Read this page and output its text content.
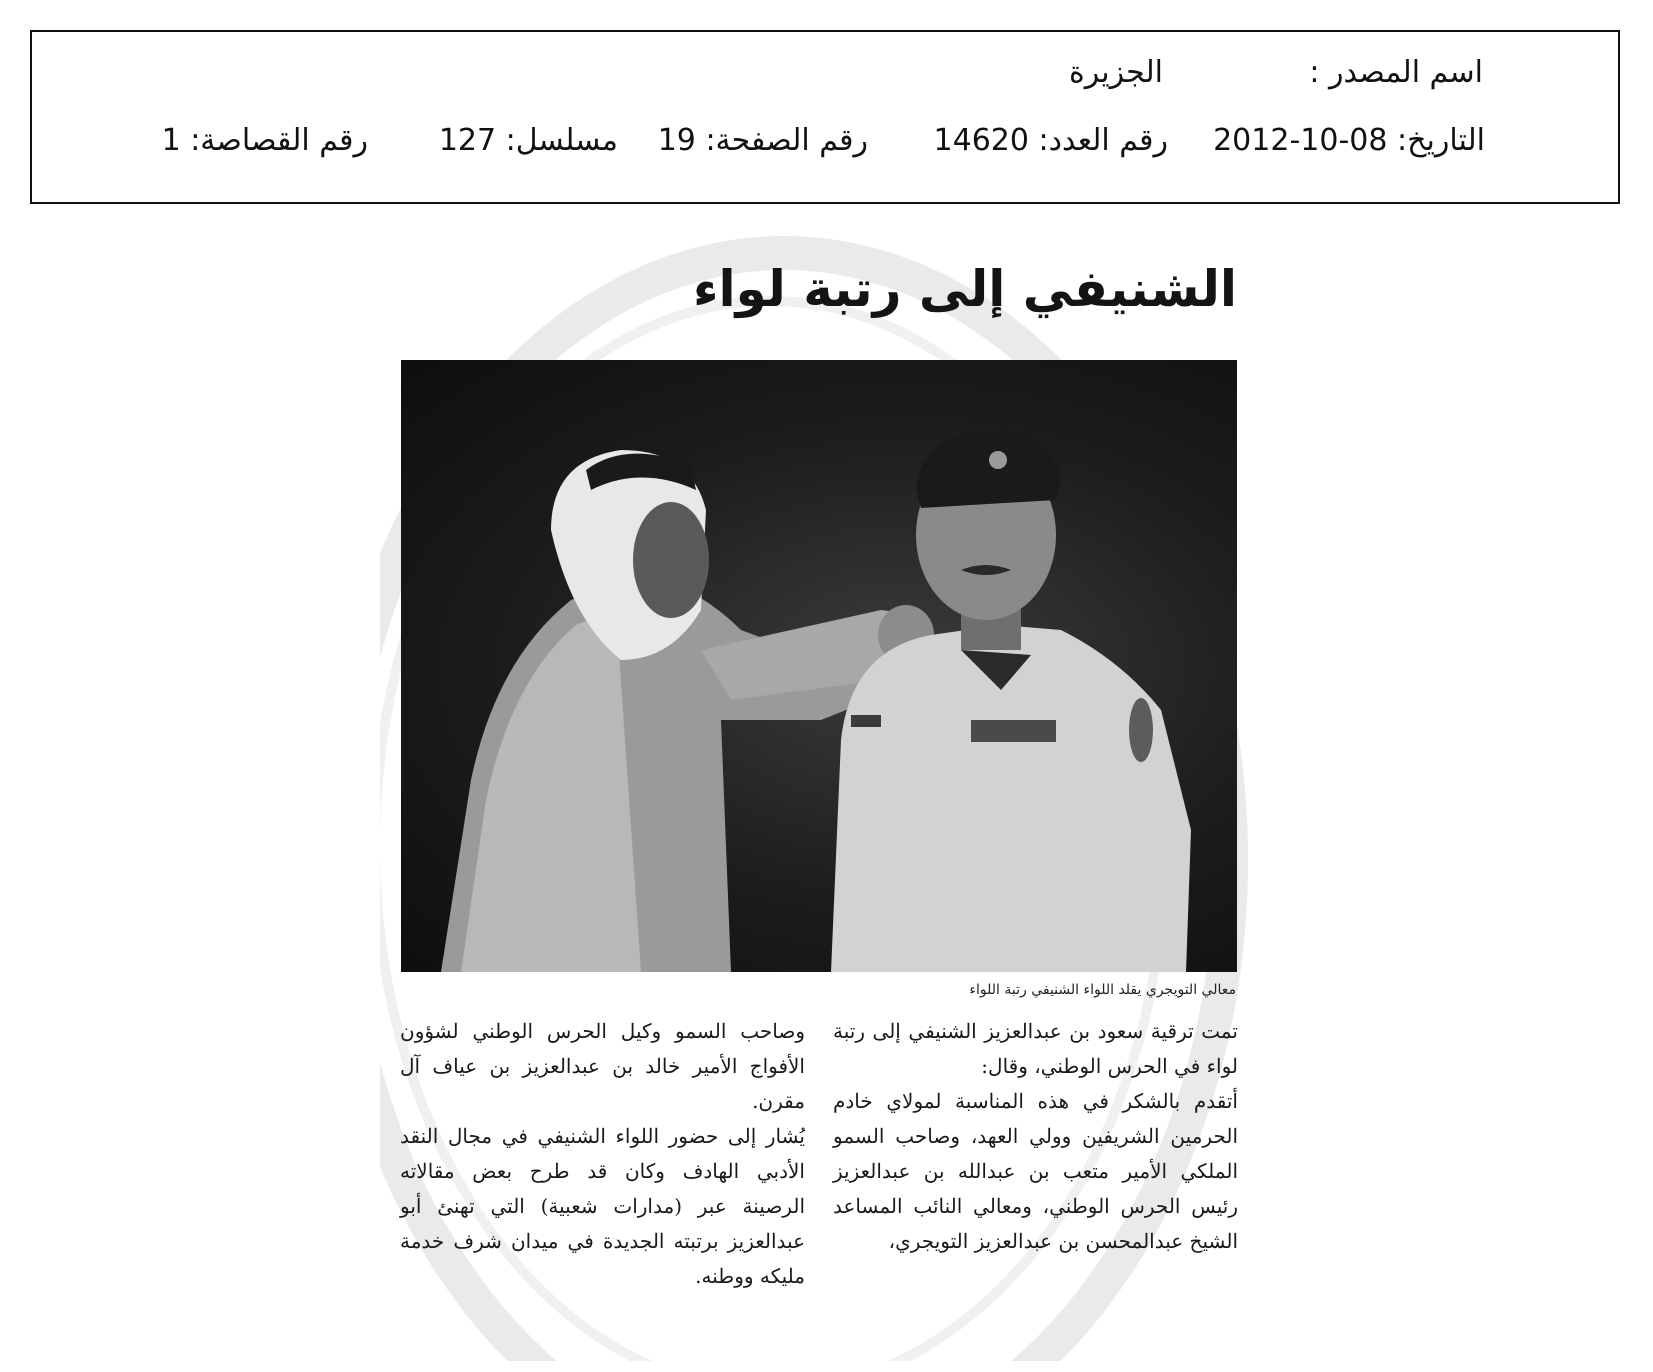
اسم المصدر :
الجزيرة
التاريخ: 08-10-2012
رقم العدد: 14620
رقم الصفحة: 19
مسلسل: 127
رقم القصاصة: 1
الشنيفي إلى رتبة لواء
معالي التويجري يقلد اللواء الشنيفي رتبة اللواء

تمت ترقية سعود بن عبدالعزيز الشنيفي إلى رتبة لواء في الحرس الوطني، وقال:

أتقدم بالشكر في هذه المناسبة لمولاي خادم الحرمين الشريفين وولي العهد، وصاحب السمو الملكي الأمير متعب بن عبدالله بن عبدالعزيز رئيس الحرس الوطني، ومعالي النائب المساعد الشيخ عبدالمحسن بن عبدالعزيز التويجري،

وصاحب السمو وكيل الحرس الوطني لشؤون الأفواج الأمير خالد بن عبدالعزيز بن عياف آل مقرن.

يُشار إلى حضور اللواء الشنيفي في مجال النقد الأدبي الهادف وكان قد طرح بعض مقالاته الرصينة عبر (مدارات شعبية) التي تهنئ أبو عبدالعزيز برتبته الجديدة في ميدان شرف خدمة مليكه ووطنه.
